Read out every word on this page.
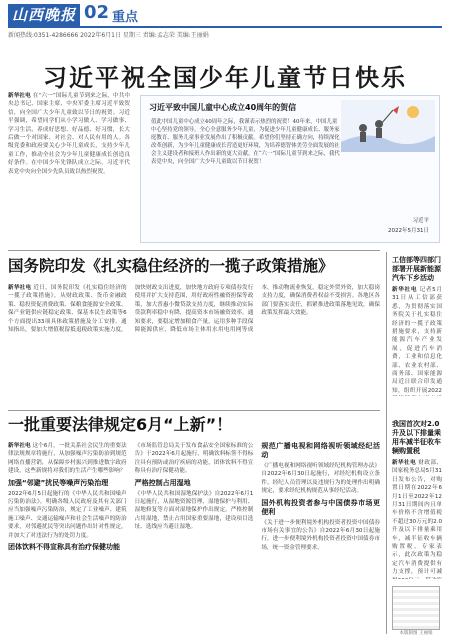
山西晚报 02 重点
新闻热线:0351-4286666 2022年6月1日 星期三 责编:孟志荣 美编:王丽娟
习近平祝全国少年儿童节日快乐
新华社电 在“六一”国际儿童节到来之际，中共中央总书记、国家主席、中央军委主席习近平致贺信，向全国广大少年儿童致以节日的祝贺。习近平强调，希望同学们从小学习做人、学习做事、学习生活，养成好思想、好品德、好习惯，长大后做一个对国家、对社会、对人民有用的人。各级党委和政府要关心少年儿童成长，支持少年儿童工作，推动全社会为少年儿童健康成长创造良好条件。在中国少年先锋队成立之际，习近平代表党中央向全国少先队员致以热烈祝贺。
习近平致中国儿童中心成立40周年的贺信
值此中国儿童中心成立40周年之际，我谨表示热烈的祝贺！40年来，中国儿童中心坚持党的领导，全心全意服务少年儿童，为促进少年儿童健康成长、服务家庭教育、服务儿童事业发展作出了积极贡献。希望你们坚持正确方向，持续深化改革创新，为少年儿童健康成长营造更好环境，为培养德智体美劳全面发展的社会主义建设者和接班人作出新的更大贡献。在“六一”国际儿童节到来之际，我代表党中央，向全国广大少年儿童致以节日祝贺！
习近平
2022年5月31日
国务院印发《扎实稳住经济的一揽子政策措施》
新华社电 近日，国务院印发《扎实稳住经济的一揽子政策措施》，从财政政策、货币金融政策、稳投资促消费政策、保粮食能源安全政策、保产业链供应链稳定政策、保基本民生政策等6个方面提出33项具体政策措施及分工安排。通知指出，要加大增值税留抵退税政策实施力度，加快财政支出进度，加快地方政府专项债券发行使用并扩大支持范围，用好政府性融资担保等政策，加大普惠小微贷款支持力度，继续推动实际贷款利率稳中有降，提高资本市场融资效率。通知要求，要稳定增加粮食产量，运用多种手段保障能源供应，降低市场主体用水用电用网等成本，推动物流业恢复，稳定外贸外资，加大稳岗支持力度，确保消费者权益不受损害。各地区各部门要落实责任，抓紧推进政策落地见效，确保政策发挥最大效能。
一批重要法律规定6月“上新”！
新华社电 这个6月，一批关系社会民生的重要法律法规规章将施行，从加强噪声污染防治到规范网络直播营销，从保障乡村振兴到推进数字政府建设，这些新规将对我们的生活产生哪些影响？
加强“邻避”扰民等噪声污染治理
2022年6月5日起施行的《中华人民共和国噪声污染防治法》，明确各级人民政府及其有关部门应当加强噪声污染防治，规定了工业噪声、建筑施工噪声、交通运输噪声和社会生活噪声的防治要求，对邻避扰民等突出问题作出针对性规定，并加大了对违法行为的处罚力度。
团体饮料不得宣称具有治疗保健功能
《市场监管总局关于发布食品安全国家标准的公告》于2022年6月起施行，明确饮料标签不得标注具有预防或治疗疾病的功能，团体饮料不得宣称具有治疗保健功能。
严格控制占用湿地
《中华人民共和国湿地保护法》自2022年6月1日起施行，从湿地资源管理、湿地保护与利用、湿地修复等方面对湿地保护作出规定。严格控制占用湿地，禁止占用国家重要湿地，建设项目选址、选线应当避让湿地。
规范广播电视和网络视听领域经纪活动
《广播电视和网络视听领域经纪机构管理办法》自2022年6月30日起施行，对经纪机构设立条件、经纪人员管理以及违规行为的处理作出明确规定，要求经纪机构规范从事经纪活动。
国外机构投资者参与中国债券市场更便利
《关于进一步便利境外机构投资者投资中国债券市场有关事宜的公告》自2022年6月30日起施行，进一步便利境外机构投资者投资中国债券市场，统一资金管理要求。
工信部等四部门部署开展新能源汽车下乡活动
新华社电 记者5月31日从工信部获悉，为贯彻落实国务院关于扎实稳住经济的一揽子政策措施要求，支持新能源汽车产业发展，促进汽车消费，工业和信息化部、农业农村部、商务部、国家能源局近日联合印发通知，组织开展2022
我国首次对2.0升及以下排量乘用车减半征收车辆购置税
新华社电 财政部、国家税务总局5月31日发布公告，对购置日期在2022年6月1日至2022年12月31日期间内且单车价格不含增值税不超过30万元的2.0升及以下排量乘用车，减半征收车辆购置税。专家表示，此次政策为稳定汽车消费提供有力支撑，预计可减
本版制图 王丽娟
